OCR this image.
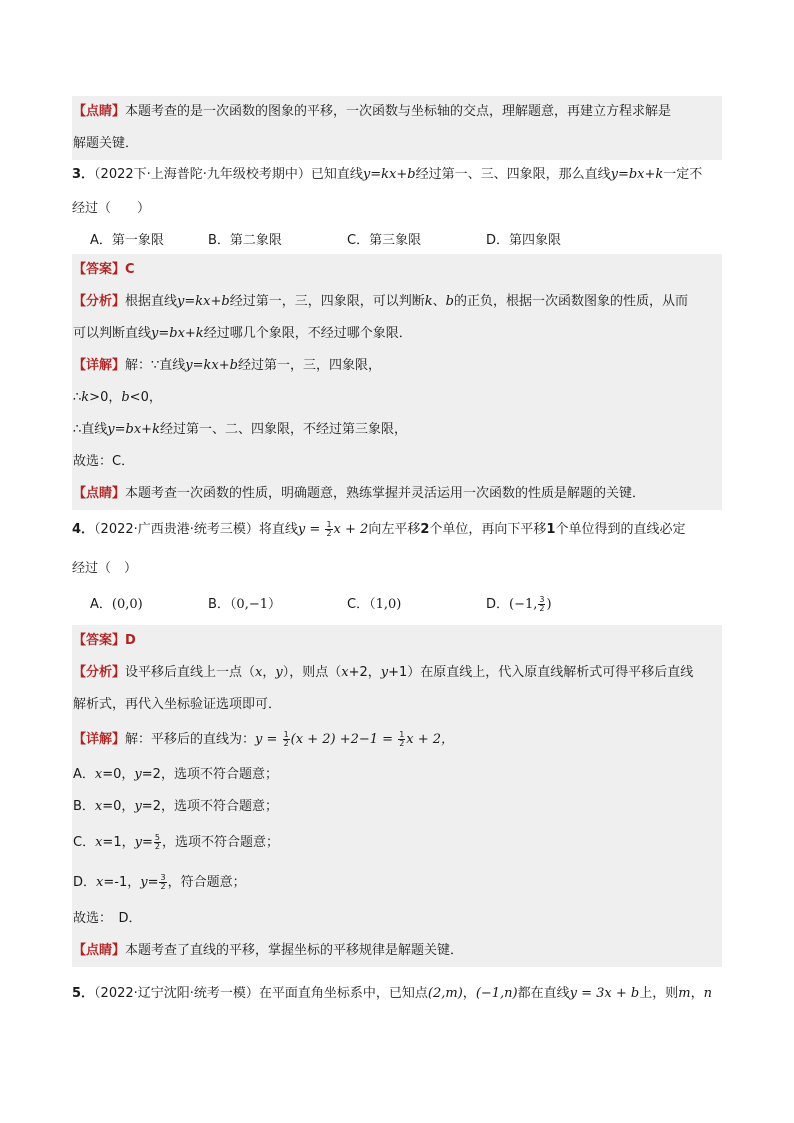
【点睛】本题考查的是一次函数的图象的平移，一次函数与坐标轴的交点，理解题意，再建立方程求解是
解题关键．
3．（2022下·上海普陀·九年级校考期中）已知直线y=kx+b经过第一、三、四象限，那么直线y=bx+k一定不
经过（　　）
A．第一象限	B．第二象限	C．第三象限	D．第四象限
【答案】C
【分析】根据直线y=kx+b经过第一，三，四象限，可以判断k、b的正负，根据一次函数图象的性质，从而
可以判断直线y=bx+k经过哪几个象限，不经过哪个象限．
【详解】解：∵直线y=kx+b经过第一，三，四象限，
∴k>0，b<0，
∴直线y=bx+k经过第一、二、四象限，不经过第三象限，
故选：C．
【点睛】本题考查一次函数的性质，明确题意，熟练掌握并灵活运用一次函数的性质是解题的关键．
4．（2022·广西贵港·统考三模）将直线$y = \frac{1}{2}$ x + 2向左平移2个单位，再向下平移1个单位得到的直线必定
经过（　）
A．(0,0)	B．（0,−1）	C．（1,0)	D．(−1, $\frac{3}{2}$ )
【答案】D
【分析】设平移后直线上一点（x，y），则点（x+2，y+1）在原直线上，代入原直线解析式可得平移后直线
解析式，再代入坐标验证选项即可．
【详解】解：平移后的直线为：$y = \frac{1}{2} (x + 2) +2-1 = \frac{1}{2}$ x + 2，
A．x=0，y=2，选项不符合题意；
B．x=0，y=2，选项不符合题意；
C．x=1，$y= \frac{5}{2}$ ，选项不符合题意；
D．x=-1，$y= \frac{3}{2}$ ，符合题意；
故选：　D．
【点睛】本题考查了直线的平移，掌握坐标的平移规律是解题关键．
5．（2022·辽宁沈阳·统考一模）在平面直角坐标系中，已知点(2,m)，(−1,n)都在直线y = 3x + b上，则m，n
